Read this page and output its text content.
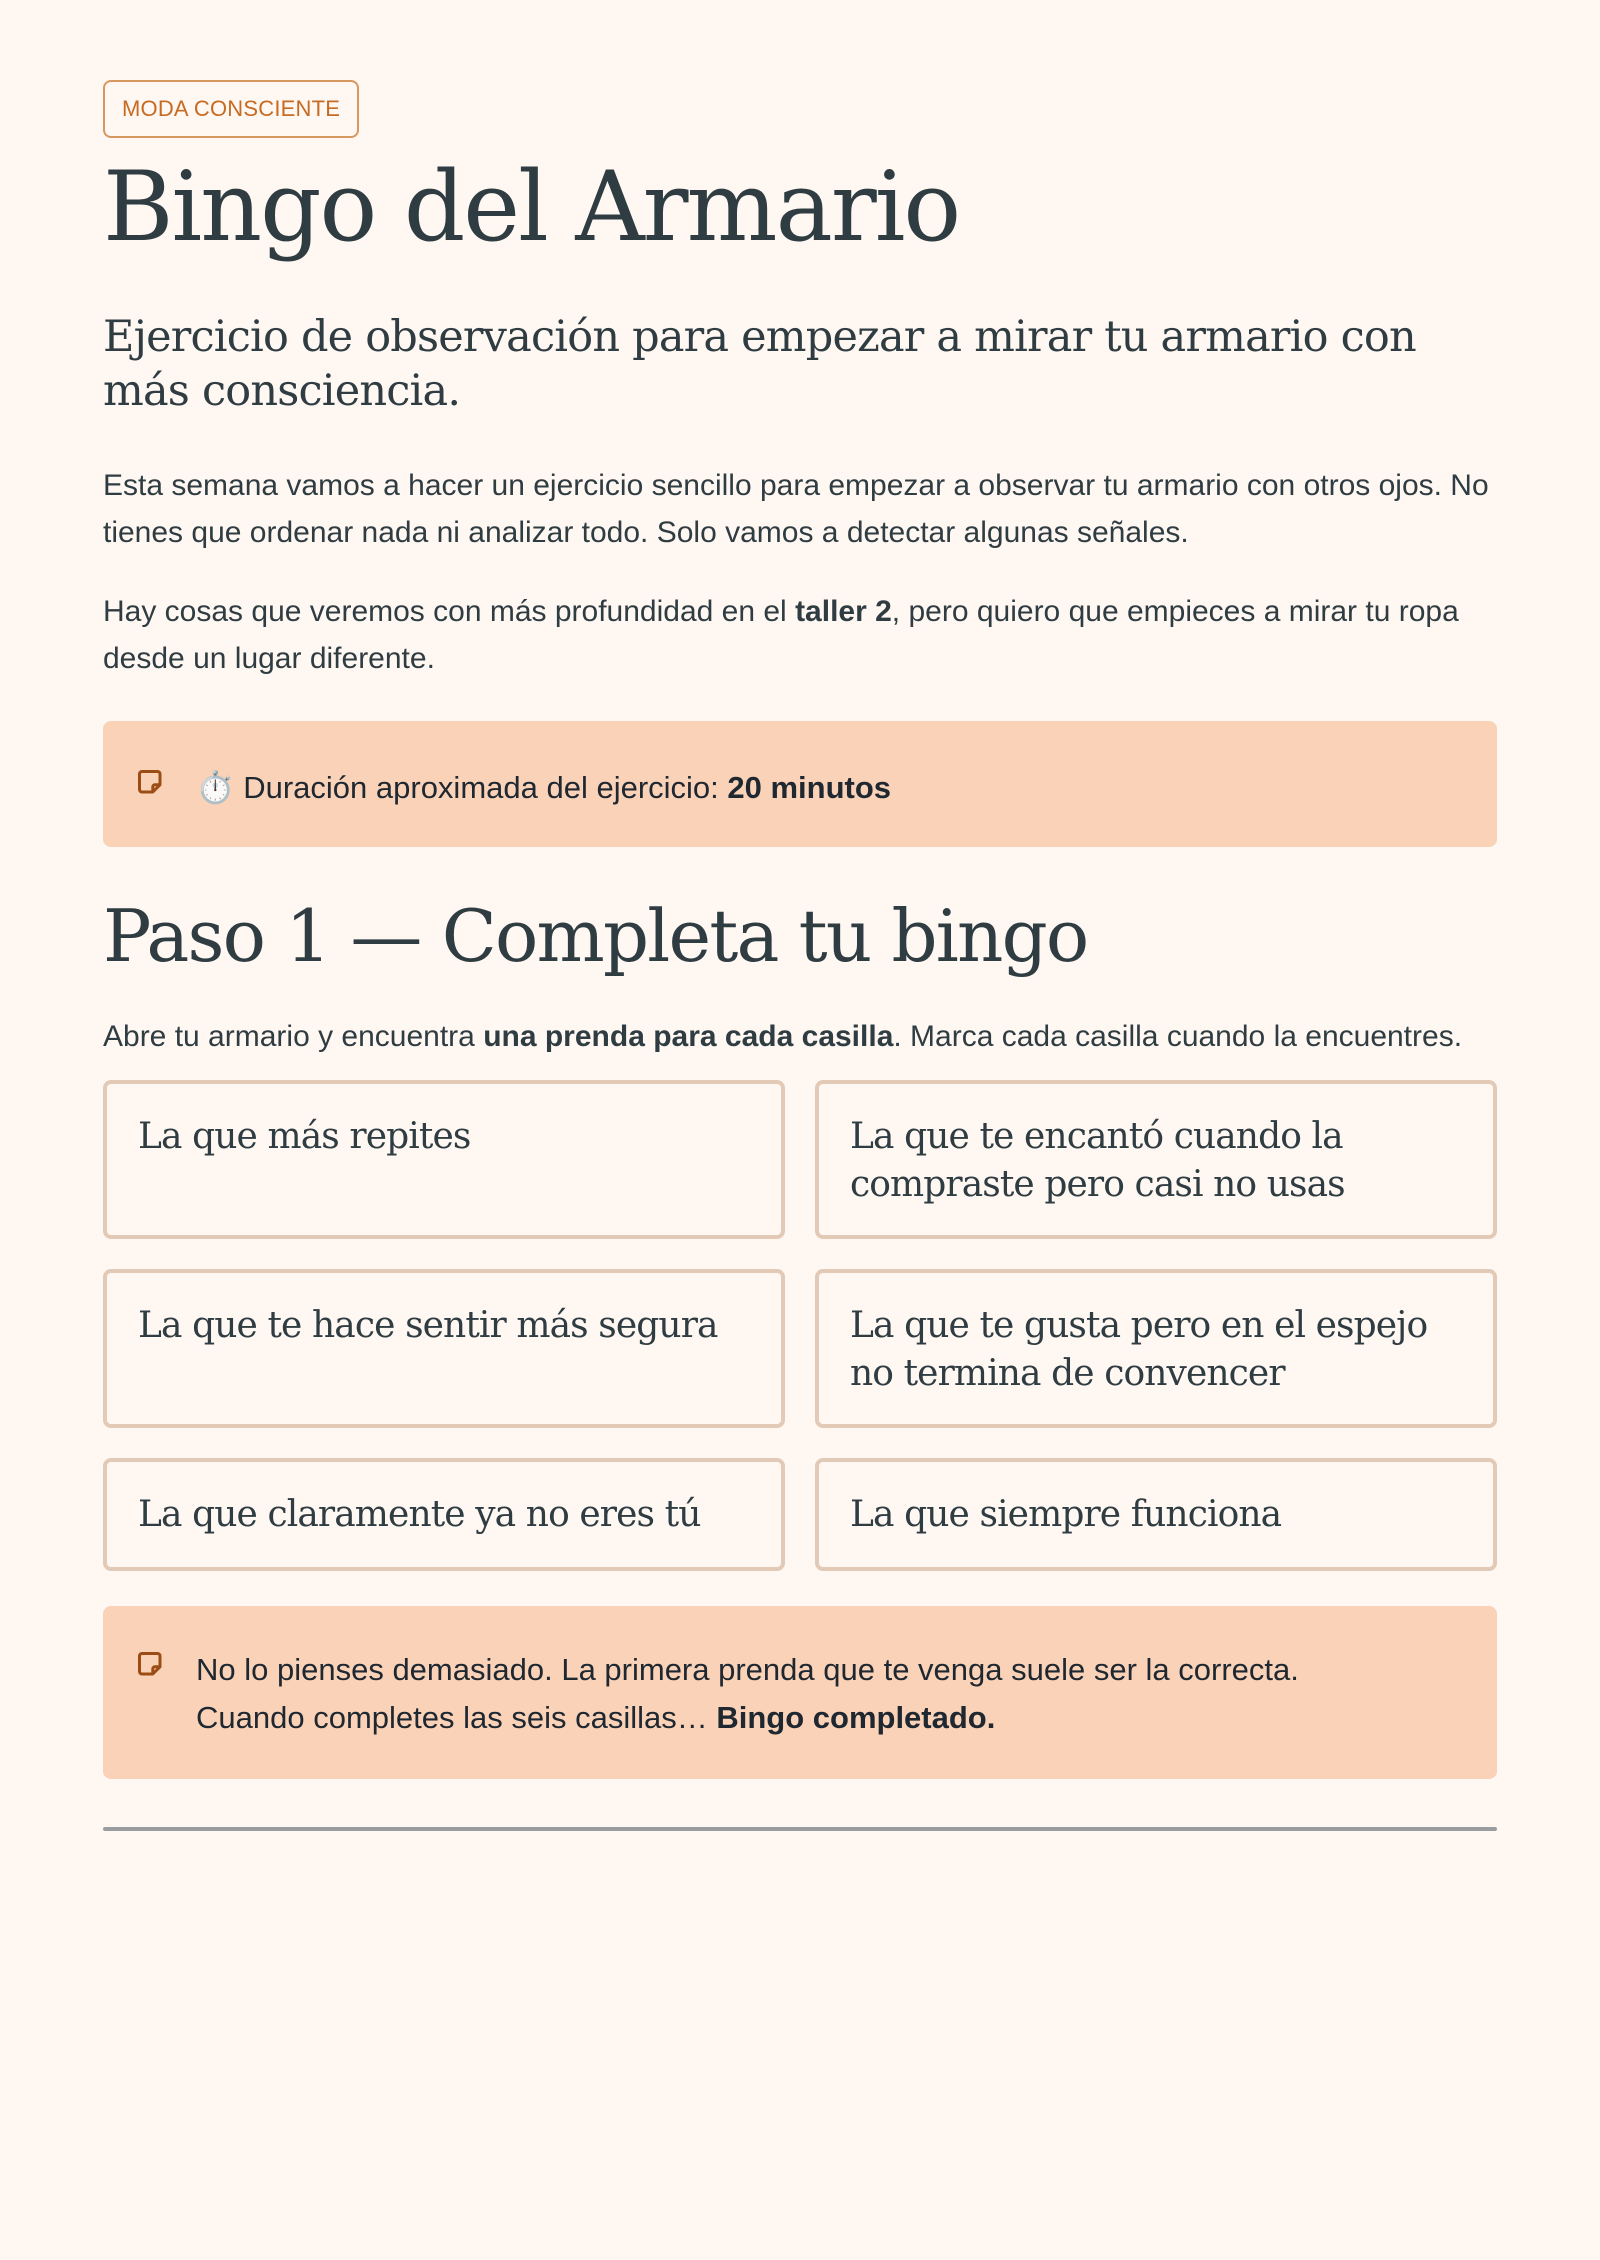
MODA CONSCIENTE
Bingo del Armario
Ejercicio de observación para empezar a mirar tu armario con más consciencia.

Esta semana vamos a hacer un ejercicio sencillo para empezar a observar tu armario con otros ojos. No tienes que ordenar nada ni analizar todo. Solo vamos a detectar algunas señales.

Hay cosas que veremos con más profundidad en el taller 2, pero quiero que empieces a mirar tu ropa desde un lugar diferente.

⏱️ Duración aproximada del ejercicio: 20 minutos
Paso 1 — Completa tu bingo

Abre tu armario y encuentra una prenda para cada casilla. Marca cada casilla cuando la encuentres.

La que más repites	La que te encantó cuando la compraste pero casi no usas
La que te hace sentir más segura	La que te gusta pero en el espejo no termina de convencer
La que claramente ya no eres tú	La que siempre funciona
No lo pienses demasiado. La primera prenda que te venga suele ser la correcta.
Cuando completes las seis casillas… Bingo completado.
